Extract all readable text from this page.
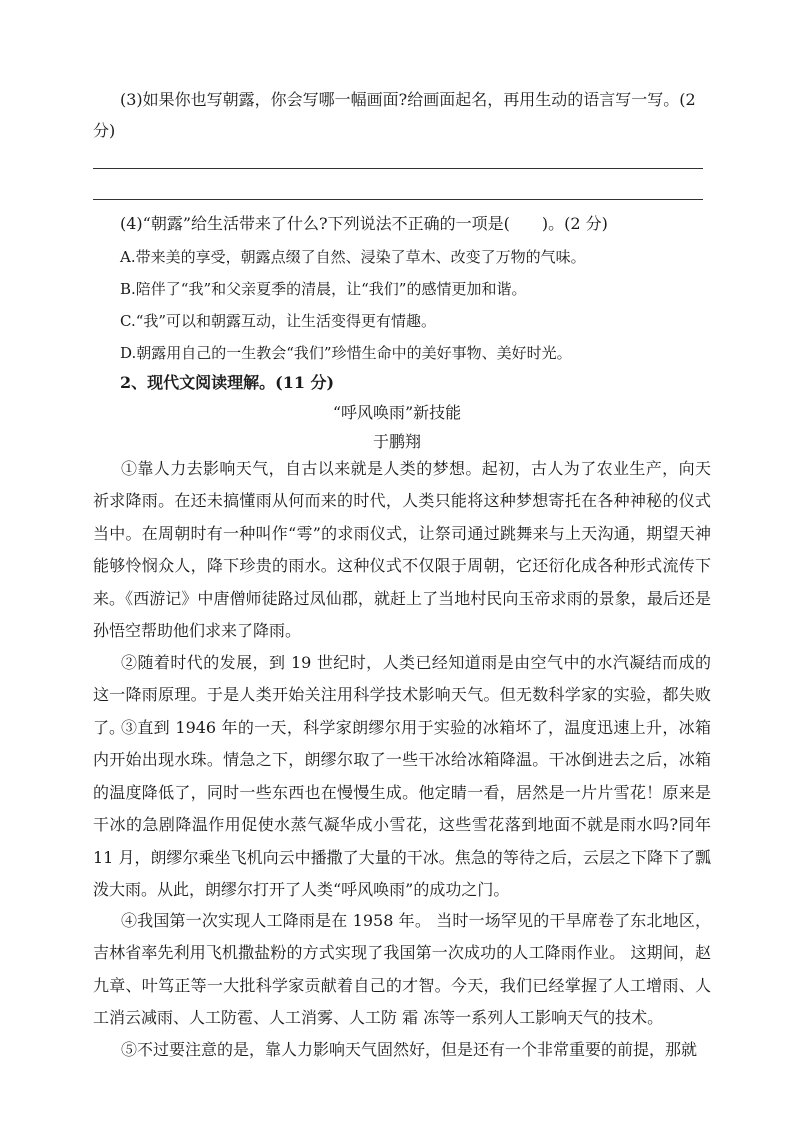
(3)如果你也写朝露，你会写哪一幅画面?给画面起名，再用生动的语言写一写。(2
分)
(4)“朝露”给生活带来了什么?下列说法不正确的一项是(　　)。(2 分)
A.带来美的享受，朝露点缀了自然、浸染了草木、改变了万物的气味。
B.陪伴了“我”和父亲夏季的清晨，让“我们”的感情更加和谐。
C.“我”可以和朝露互动，让生活变得更有情趣。
D.朝露用自己的一生教会“我们”珍惜生命中的美好事物、美好时光。
2、现代文阅读理解。(11 分)
“呼风唤雨”新技能
于鹏翔

①靠人力去影响天气，自古以来就是人类的梦想。起初，古人为了农业生产，向天祈求降雨。在还未搞懂雨从何而来的时代，人类只能将这种梦想寄托在各种神秘的仪式当中。在周朝时有一种叫作“雩”的求雨仪式，让祭司通过跳舞来与上天沟通，期望天神能够怜悯众人，降下珍贵的雨水。这种仪式不仅限于周朝，它还衍化成各种形式流传下来。《西游记》中唐僧师徒路过凤仙郡，就赶上了当地村民向玉帝求雨的景象，最后还是孙悟空帮助他们求来了降雨。

②随着时代的发展，到 19 世纪时，人类已经知道雨是由空气中的水汽凝结而成的这一降雨原理。于是人类开始关注用科学技术影响天气。但无数科学家的实验，都失败了。

③直到 1946 年的一天，科学家朗缪尔用于实验的冰箱坏了，温度迅速上升，冰箱内开始出现水珠。情急之下，朗缪尔取了一些干冰给冰箱降温。干冰倒进去之后，冰箱的温度降低了，同时一些东西也在慢慢生成。他定睛一看，居然是一片片雪花！原来是干冰的急剧降温作用促使水蒸气凝华成小雪花，这些雪花落到地面不就是雨水吗?同年 11 月，朗缪尔乘坐飞机向云中播撒了大量的干冰。焦急的等待之后，云层之下降下了瓢泼大雨。从此，朗缪尔打开了人类“呼风唤雨”的成功之门。

④我国第一次实现人工降雨是在 1958 年。 当时一场罕见的干旱席卷了东北地区，吉林省率先利用飞机撒盐粉的方式实现了我国第一次成功的人工降雨作业。 这期间，赵九章、叶笃正等一大批科学家贡献着自己的才智。今天，我们已经掌握了人工增雨、人工消云减雨、人工防雹、人工消雾、人工防 霜 冻等一系列人工影响天气的技术。

⑤不过要注意的是，靠人力影响天气固然好，但是还有一个非常重要的前提，那就
